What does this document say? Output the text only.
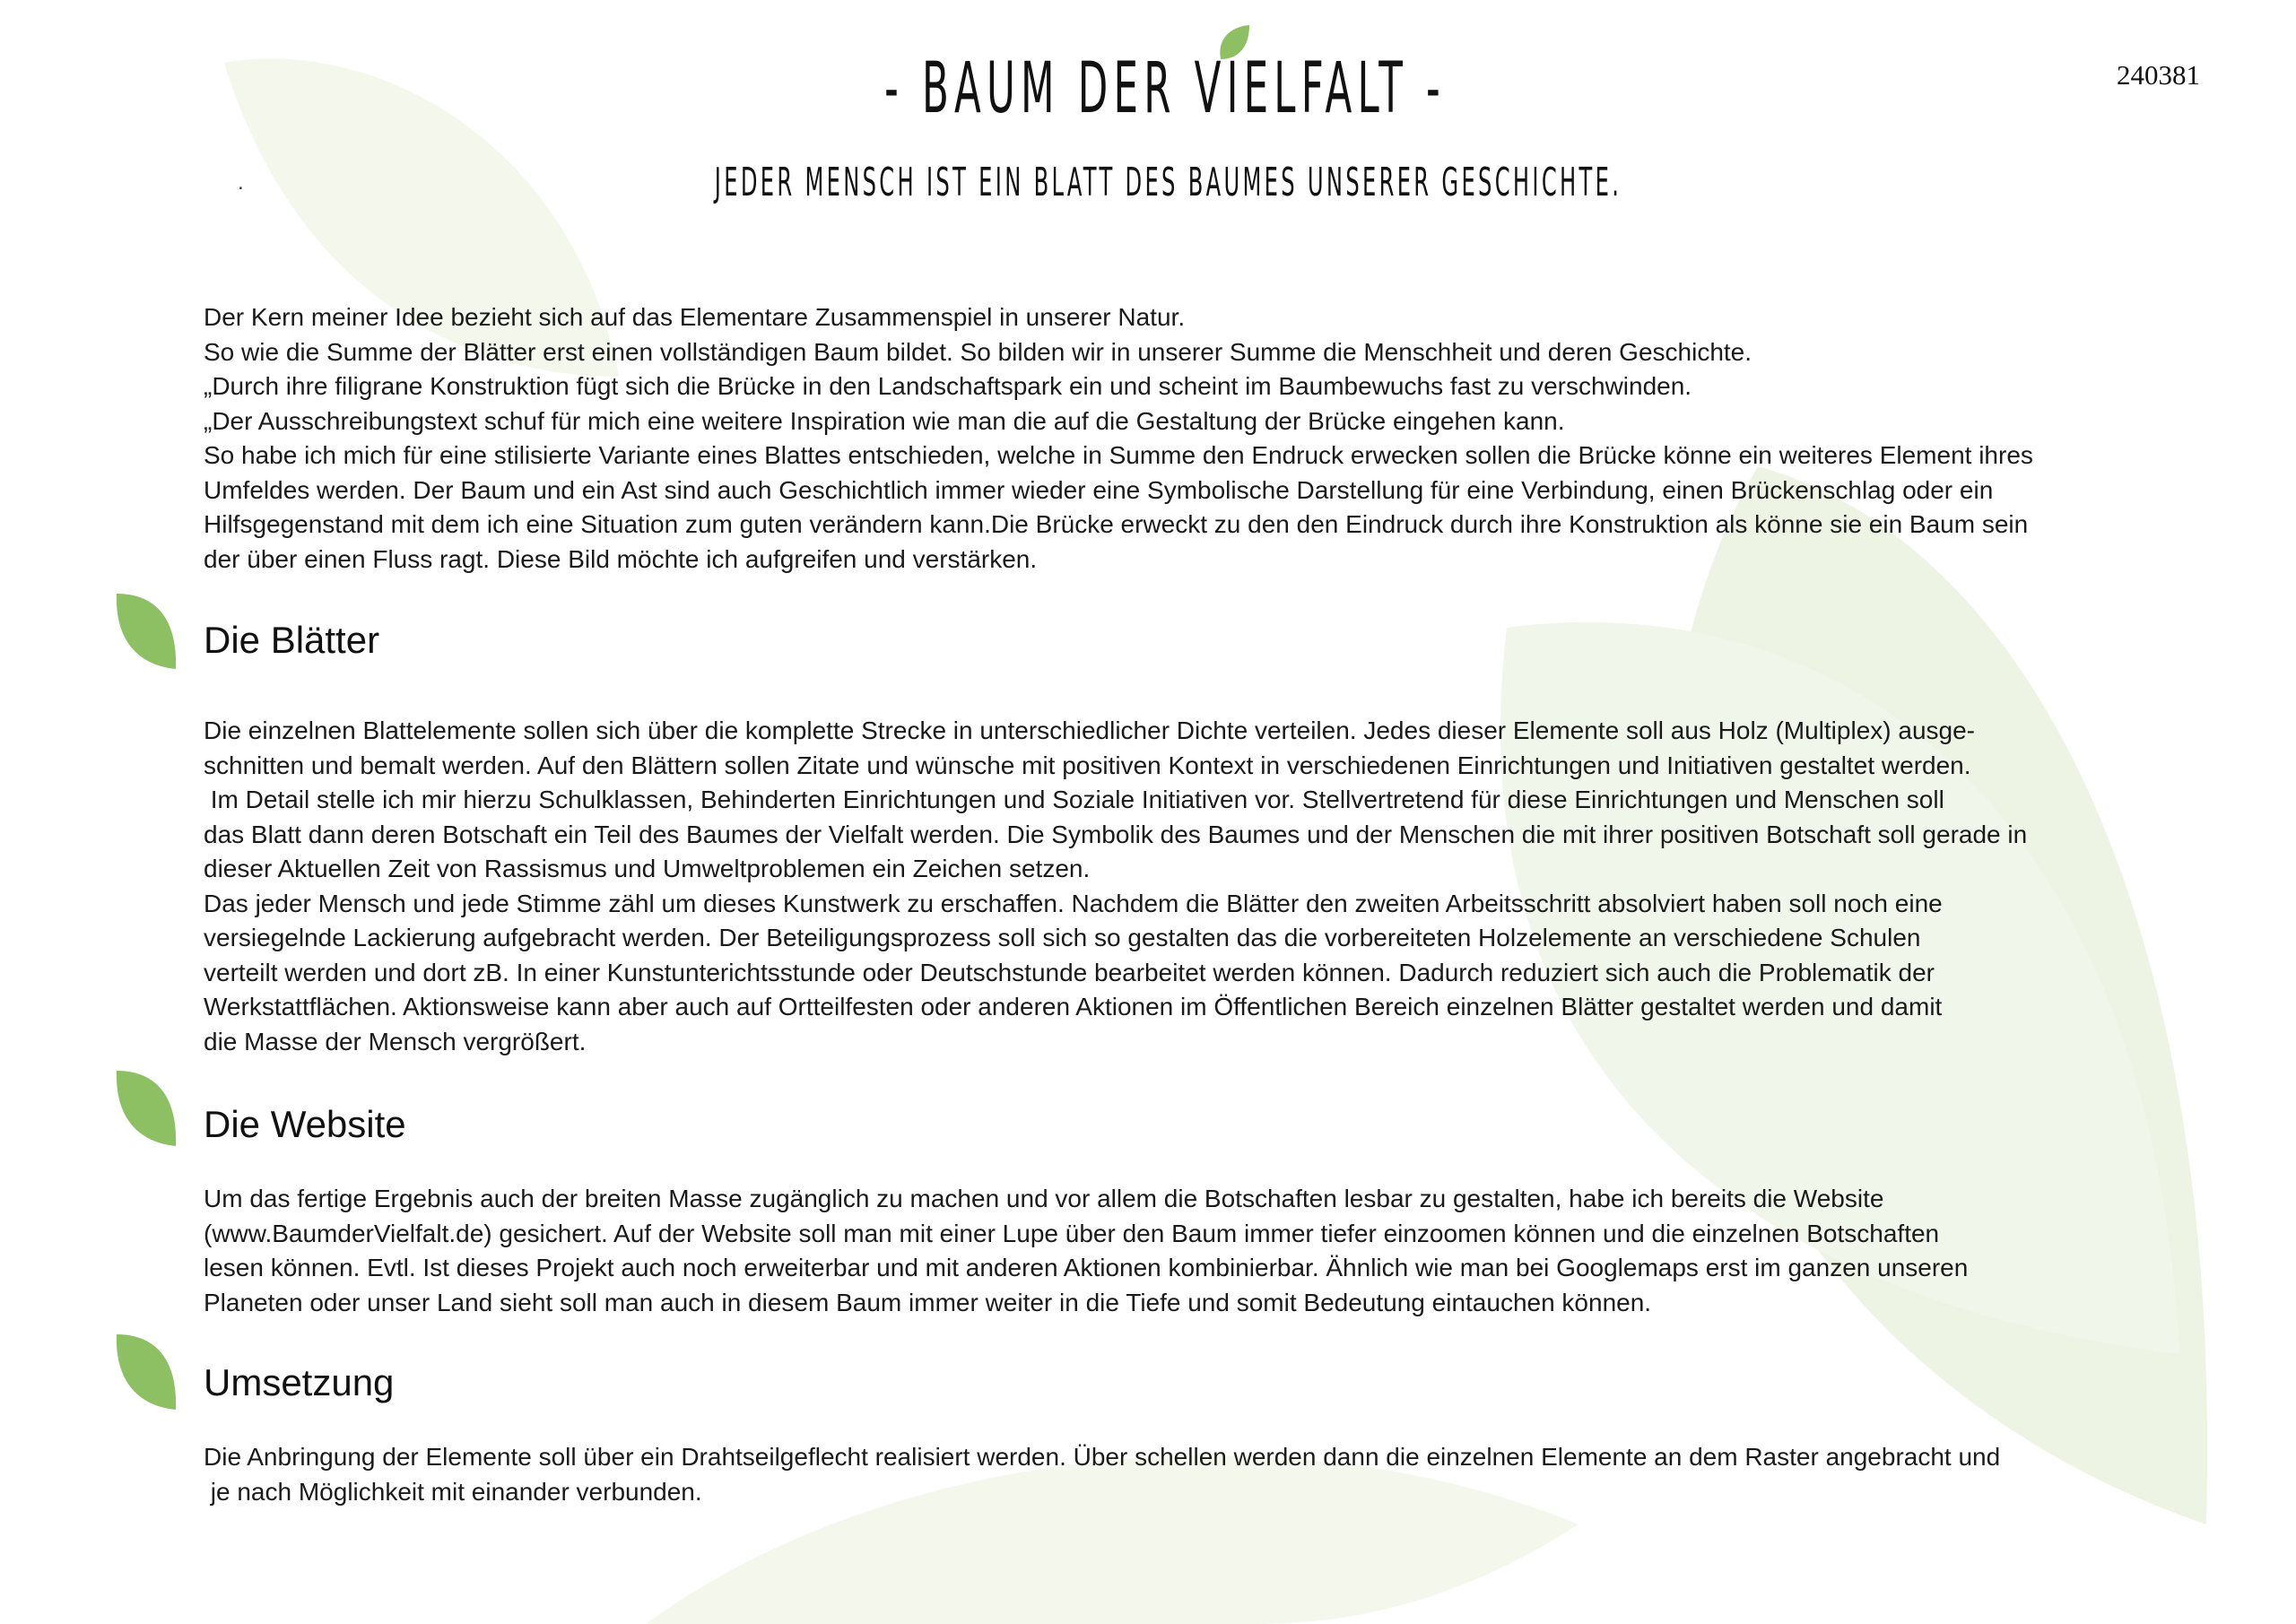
240381
.
- BAUM DER VIELFALT -
JEDER MENSCH IST EIN BLATT DES BAUMES UNSERER GESCHICHTE.

Der Kern meiner Idee bezieht sich auf das Elementare Zusammenspiel in unserer Natur.
So wie die Summe der Blätter erst einen vollständigen Baum bildet. So bilden wir in unserer Summe die Menschheit und deren Geschichte.
„Durch ihre filigrane Konstruktion fügt sich die Brücke in den Landschaftspark ein und scheint im Baumbewuchs fast zu verschwinden.
„Der Ausschreibungstext schuf für mich eine weitere Inspiration wie man die auf die Gestaltung der Brücke eingehen kann.
So habe ich mich für eine stilisierte Variante eines Blattes entschieden, welche in Summe den Endruck erwecken sollen die Brücke könne ein weiteres Element ihres
Umfeldes werden. Der Baum und ein Ast sind auch Geschichtlich immer wieder eine Symbolische Darstellung für eine Verbindung, einen Brückenschlag oder ein
Hilfsgegenstand mit dem ich eine Situation zum guten verändern kann.Die Brücke erweckt zu den den Eindruck durch ihre Konstruktion als könne sie ein Baum sein
der über einen Fluss ragt. Diese Bild möchte ich aufgreifen und verstärken.

Die Blätter

Die einzelnen Blattelemente sollen sich über die komplette Strecke in unterschiedlicher Dichte verteilen. Jedes dieser Elemente soll aus Holz (Multiplex) ausge-
schnitten und bemalt werden. Auf den Blättern sollen Zitate und wünsche mit positiven Kontext in verschiedenen Einrichtungen und Initiativen gestaltet werden.
Im Detail stelle ich mir hierzu Schulklassen, Behinderten Einrichtungen und Soziale Initiativen vor. Stellvertretend für diese Einrichtungen und Menschen soll
das Blatt dann deren Botschaft ein Teil des Baumes der Vielfalt werden. Die Symbolik des Baumes und der Menschen die mit ihrer positiven Botschaft soll gerade in
dieser Aktuellen Zeit von Rassismus und Umweltproblemen ein Zeichen setzen.
Das jeder Mensch und jede Stimme zähl um dieses Kunstwerk zu erschaffen. Nachdem die Blätter den zweiten Arbeitsschritt absolviert haben soll noch eine
versiegelnde Lackierung aufgebracht werden. Der Beteiligungsprozess soll sich so gestalten das die vorbereiteten Holzelemente an verschiedene Schulen
verteilt werden und dort zB. In einer Kunstunterichtsstunde oder Deutschstunde bearbeitet werden können. Dadurch reduziert sich auch die Problematik der
Werkstattflächen. Aktionsweise kann aber auch auf Ortteilfesten oder anderen Aktionen im Öffentlichen Bereich einzelnen Blätter gestaltet werden und damit
die Masse der Mensch vergrößert.

Die Website

Um das fertige Ergebnis auch der breiten Masse zugänglich zu machen und vor allem die Botschaften lesbar zu gestalten, habe ich bereits die Website
(www.BaumderVielfalt.de) gesichert. Auf der Website soll man mit einer Lupe über den Baum immer tiefer einzoomen können und die einzelnen Botschaften
lesen können. Evtl. Ist dieses Projekt auch noch erweiterbar und mit anderen Aktionen kombinierbar. Ähnlich wie man bei Googlemaps erst im ganzen unseren
Planeten oder unser Land sieht soll man auch in diesem Baum immer weiter in die Tiefe und somit Bedeutung eintauchen können.

Umsetzung

Die Anbringung der Elemente soll über ein Drahtseilgeflecht realisiert werden. Über schellen werden dann die einzelnen Elemente an dem Raster angebracht und
je nach Möglichkeit mit einander verbunden.
